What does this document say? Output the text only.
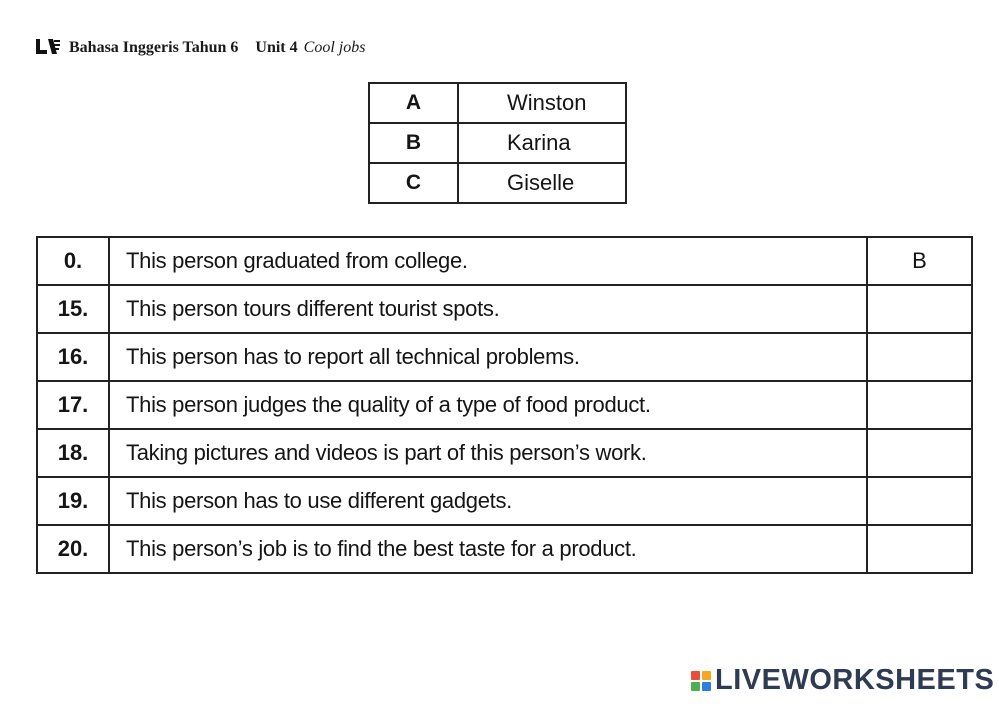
Bahasa Inggeris Tahun 6 Unit 4 Cool jobs
A	Winston
B	Karina
C	Giselle
0.	This person graduated from college.	B
15.	This person tours different tourist spots.	
16.	This person has to report all technical problems.	
17.	This person judges the quality of a type of food product.	
18.	Taking pictures and videos is part of this person’s work.	
19.	This person has to use different gadgets.	
20.	This person’s job is to find the best taste for a product.	
LIVEWORKSHEETS
